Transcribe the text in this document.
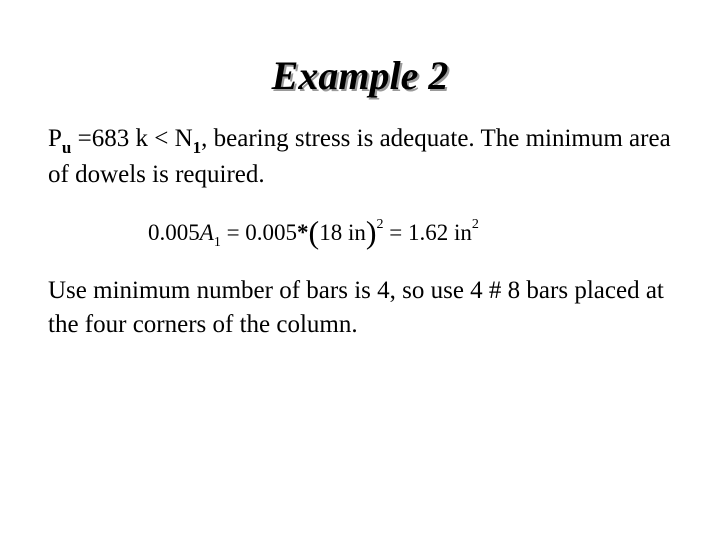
Example 2
$P_u =683$ $k < N_1$, bearing stress is adequate. The minimum area of dowels is required.
$0.005A_1 = 0.005*(18$ in)$^2$ = 1.62 $in^2$
Use minimum number of bars is 4, so use 4 # 8 bars placed at the four corners of the column.
